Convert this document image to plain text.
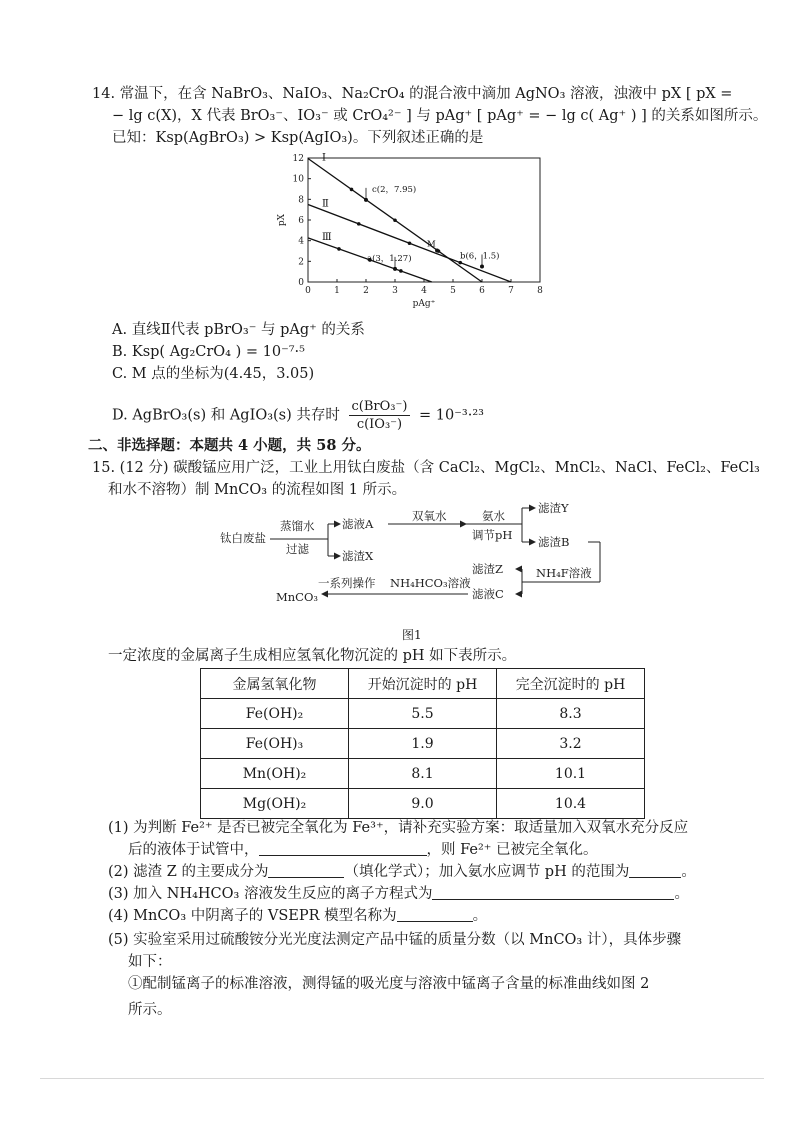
14. 常温下，在含 NaBrO₃、NaIO₃、Na₂CrO₄ 的混合液中滴加 AgNO₃ 溶液，浊液中 pX [ pX =
− lg c(X)，X 代表 BrO₃⁻、IO₃⁻ 或 CrO₄²⁻ ] 与 pAg⁺ [ pAg⁺ = − lg c( Ag⁺ ) ] 的关系如图所示。
已知：Ksp(AgBrO₃) > Ksp(AgIO₃)。下列叙述正确的是
0	1	2	3	4	5	6	7	8
0
2
4
6
8
10
12
pAg⁺
pX
Ⅰ
Ⅱ
Ⅲ
c(2，7.95)
a(3，1.27)
M
b(6，1.5)
A. 直线Ⅱ代表 pBrO₃⁻ 与 pAg⁺ 的关系
B. Ksp( Ag₂CrO₄ ) = 10⁻⁷·⁵
C. M 点的坐标为(4.45，3.05)
D. AgBrO₃(s) 和 AgIO₃(s) 共存时
c(BrO₃⁻)
c(IO₃⁻)
= 10⁻³·²³
二、非选择题：本题共 4 小题，共 58 分。
15. (12 分) 碳酸锰应用广泛，工业上用钛白废盐（含 CaCl₂、MgCl₂、MnCl₂、NaCl、FeCl₂、FeCl₃
和水不溶物）制 MnCO₃ 的流程如图 1 所示。
钛白废盐
蒸馏水
过滤
滤液A
滤渣X
双氧水	氨水
调节pH
滤渣Y
滤渣B
NH₄F溶液
滤渣Z
滤液C
NH₄HCO₃溶液
一系列操作
MnCO₃
图1
一定浓度的金属离子生成相应氢氧化物沉淀的 pH 如下表所示。
金属氢氧化物	开始沉淀时的 pH	完全沉淀时的 pH
Fe(OH)₂	5.5	8.3
Fe(OH)₃	1.9	3.2
Mn(OH)₂	8.1	10.1
Mg(OH)₂	9.0	10.4
(1) 为判断 Fe²⁺ 是否已被完全氧化为 Fe³⁺，请补充实验方案：取适量加入双氧水充分反应
后的液体于试管中，	，则 Fe²⁺ 已被完全氧化。
(2) 滤渣 Z 的主要成分为	（填化学式）；加入氨水应调节 pH 的范围为	。
(3) 加入 NH₄HCO₃ 溶液发生反应的离子方程式为	。
(4) MnCO₃ 中阴离子的 VSEPR 模型名称为	。
(5) 实验室采用过硫酸铵分光光度法测定产品中锰的质量分数（以 MnCO₃ 计），具体步骤
如下：
①配制锰离子的标准溶液，测得锰的吸光度与溶液中锰离子含量的标准曲线如图 2
所示。
